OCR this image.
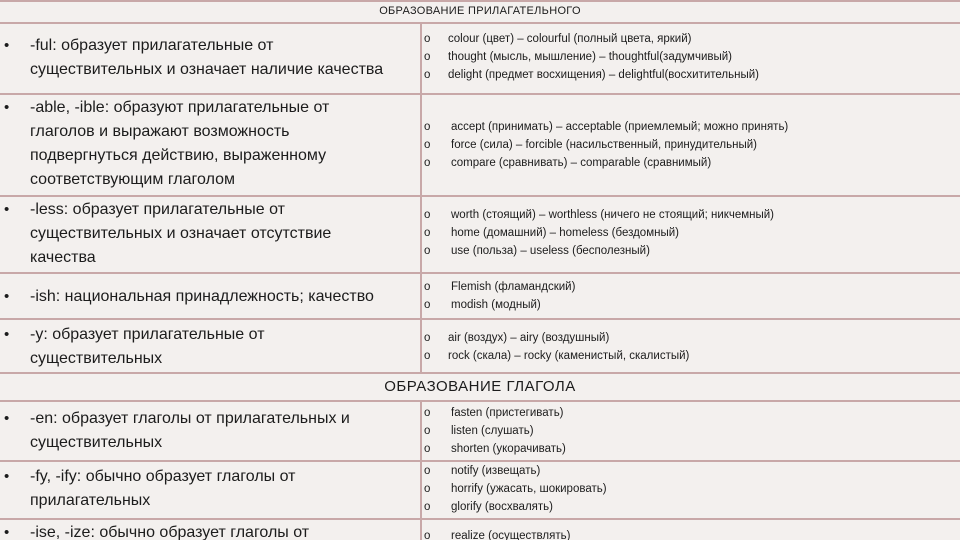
ОБРАЗОВАНИЕ ПРИЛАГАТЕЛЬНОГО
ОБРАЗОВАНИЕ ГЛАГОЛА
• -ful: образует прилагательные от
существительных и означает наличие качества
o colour (цвет) – colourful (полный цвета, яркий)
o thought (мысль, мышление) – thoughtful(задумчивый)
o delight (предмет восхищения) – delightful(восхитительный)
• -able, -ible: образуют прилагательные от
глаголов и выражают возможность
подвергнуться действию, выраженному
соответствующим глаголом
o accept (принимать) – acceptable (приемлемый; можно принять)
o force (сила) – forcible (насильственный, принудительный)
o compare (сравнивать) – comparable (сравнимый)
• -less: образует прилагательные от
существительных и означает отсутствие
качества
o worth (стоящий) – worthless (ничего не стоящий; никчемный)
o home (домашний) – homeless (бездомный)
o use (польза) – useless (бесполезный)
• -ish: национальная принадлежность; качество
o Flemish (фламандский)
o modish (модный)
• -y: образует прилагательные от
существительных
o air (воздух) – airy (воздушный)
o rock (скала) – rocky (каменистый, скалистый)
• -en: образует глаголы от прилагательных и
существительных
o fasten (пристегивать)
o listen (слушать)
o shorten (укорачивать)
• -fy, -ify: обычно образует глаголы от
прилагательных
o notify (извещать)
o horrify (ужасать, шокировать)
o glorify (восхвалять)
• -ise, -ize: обычно образует глаголы от	o realize (осуществлять)
